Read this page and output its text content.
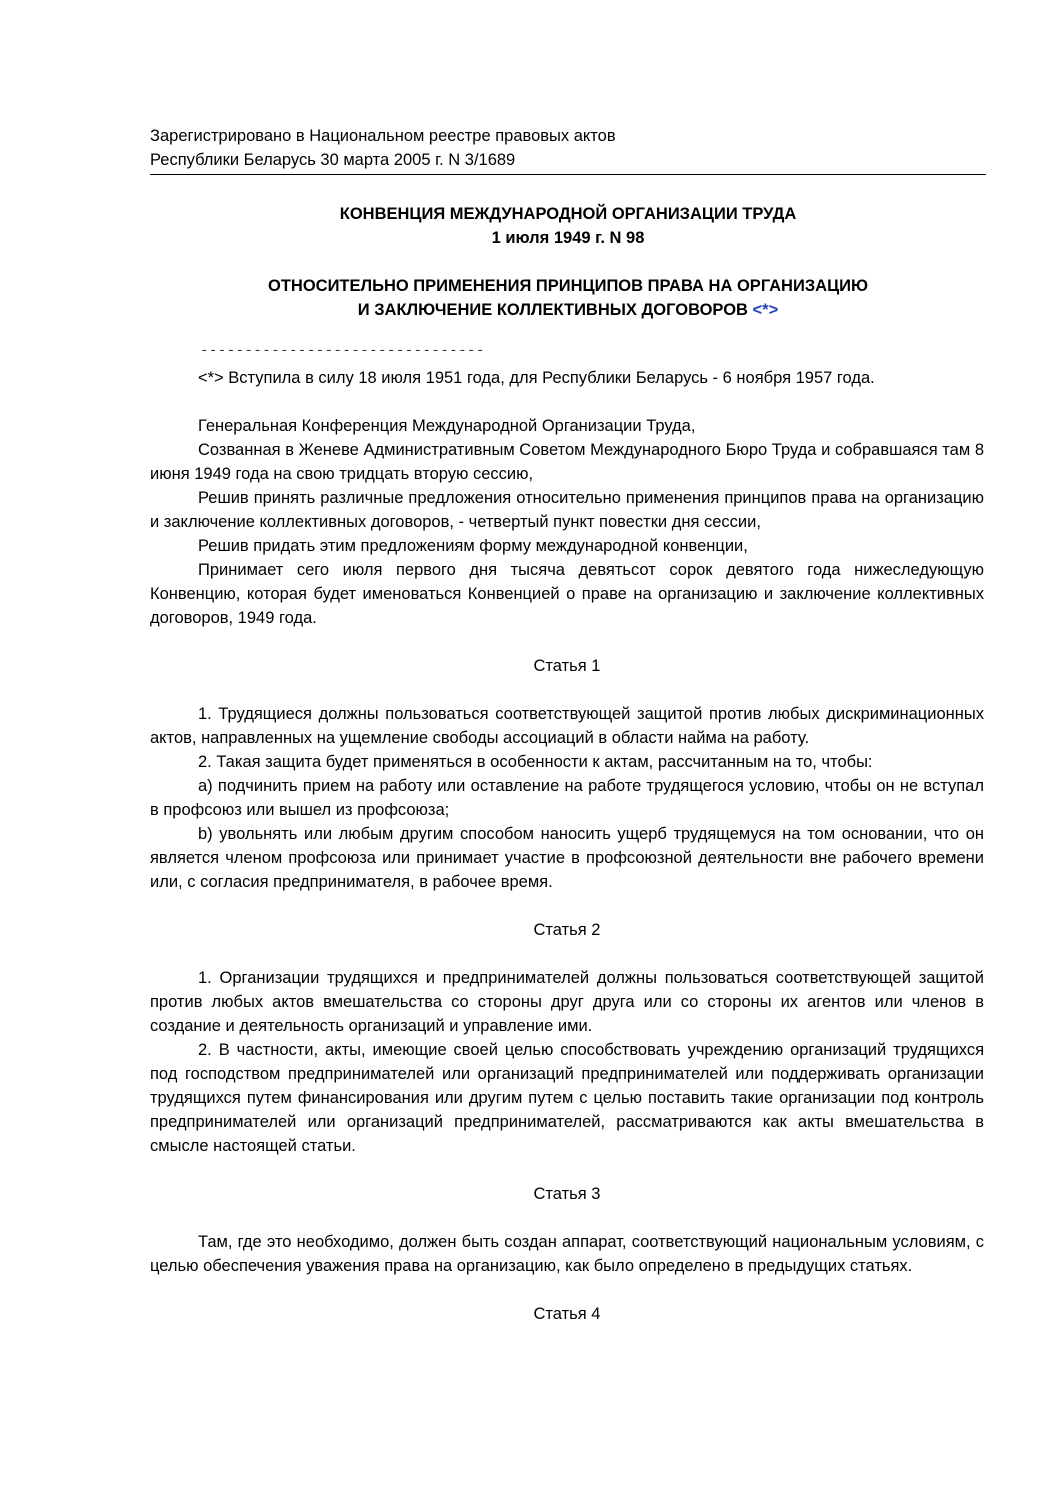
Зарегистрировано в Национальном реестре правовых актов
Республики Беларусь 30 марта 2005 г. N 3/1689
КОНВЕНЦИЯ МЕЖДУНАРОДНОЙ ОРГАНИЗАЦИИ ТРУДА
1 июля 1949 г. N 98
ОТНОСИТЕЛЬНО ПРИМЕНЕНИЯ ПРИНЦИПОВ ПРАВА НА ОРГАНИЗАЦИЮ
И ЗАКЛЮЧЕНИЕ КОЛЛЕКТИВНЫХ ДОГОВОРОВ <*>
--------------------------------

<*> Вступила в силу 18 июля 1951 года, для Республики Беларусь - 6 ноября 1957 года.

Генеральная Конференция Международной Организации Труда,

Созванная в Женеве Административным Советом Международного Бюро Труда и собравшаяся там 8 июня 1949 года на свою тридцать вторую сессию,

Решив принять различные предложения относительно применения принципов права на организацию и заключение коллективных договоров, - четвертый пункт повестки дня сессии,

Решив придать этим предложениям форму международной конвенции,

Принимает сего июля первого дня тысяча девятьсот сорок девятого года нижеследующую Конвенцию, которая будет именоваться Конвенцией о праве на организацию и заключение коллективных договоров, 1949 года.

Статья 1

1. Трудящиеся должны пользоваться соответствующей защитой против любых дискриминационных актов, направленных на ущемление свободы ассоциаций в области найма на работу.

2. Такая защита будет применяться в особенности к актам, рассчитанным на то, чтобы:

a) подчинить прием на работу или оставление на работе трудящегося условию, чтобы он не вступал в профсоюз или вышел из профсоюза;

b) увольнять или любым другим способом наносить ущерб трудящемуся на том основании, что он является членом профсоюза или принимает участие в профсоюзной деятельности вне рабочего времени или, с согласия предпринимателя, в рабочее время.

Статья 2

1. Организации трудящихся и предпринимателей должны пользоваться соответствующей защитой против любых актов вмешательства со стороны друг друга или со стороны их агентов или членов в создание и деятельность организаций и управление ими.

2. В частности, акты, имеющие своей целью способствовать учреждению организаций трудящихся под господством предпринимателей или организаций предпринимателей или поддерживать организации трудящихся путем финансирования или другим путем с целью поставить такие организации под контроль предпринимателей или организаций предпринимателей, рассматриваются как акты вмешательства в смысле настоящей статьи.

Статья 3

Там, где это необходимо, должен быть создан аппарат, соответствующий национальным условиям, с целью обеспечения уважения права на организацию, как было определено в предыдущих статьях.

Статья 4
